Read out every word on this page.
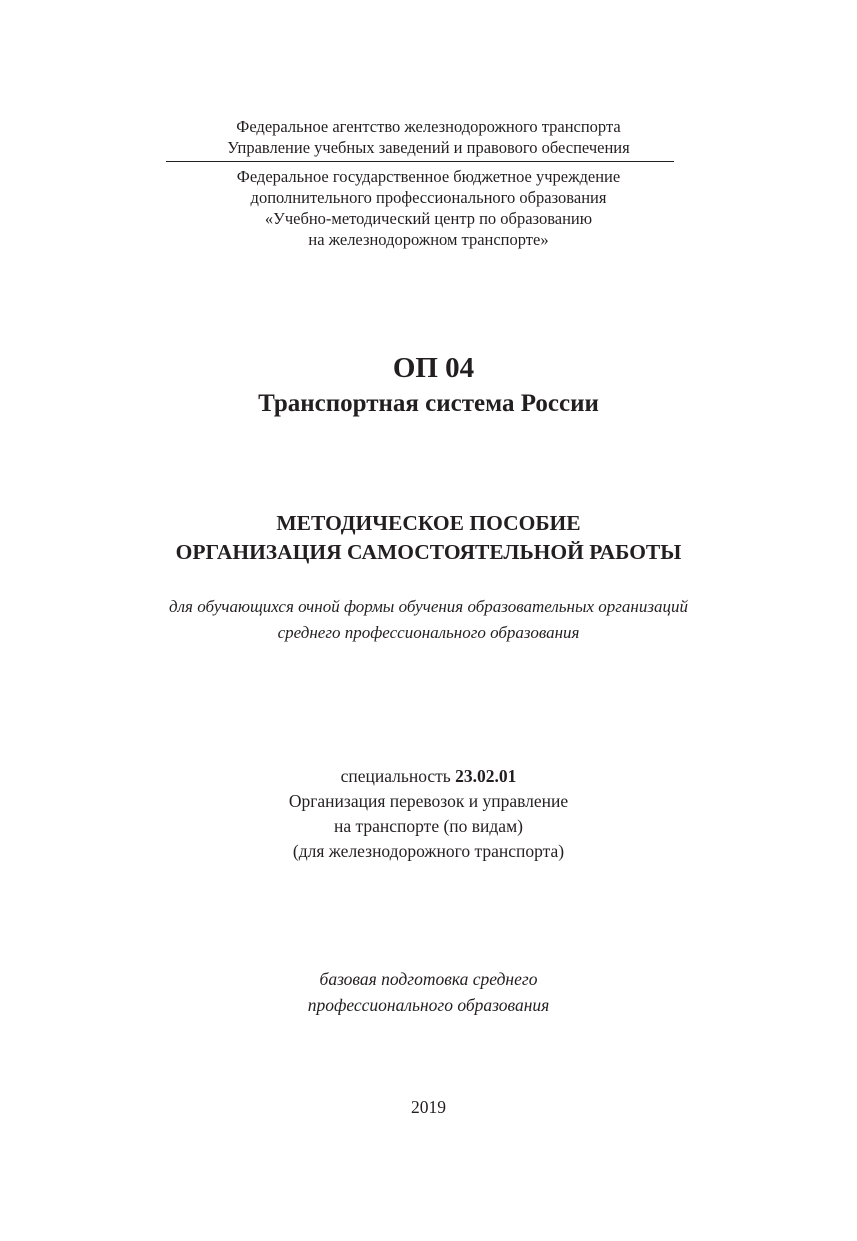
Федеральное агентство железнодорожного транспорта
Управление учебных заведений и правового обеспечения
Федеральное государственное бюджетное учреждение
дополнительного профессионального образования
«Учебно-методический центр по образованию
на железнодорожном транспорте»
ОП 04
Транспортная система России
МЕТОДИЧЕСКОЕ ПОСОБИЕ
ОРГАНИЗАЦИЯ САМОСТОЯТЕЛЬНОЙ РАБОТЫ
для обучающихся очной формы обучения образовательных организаций
среднего профессионального образования
специальность 23.02.01
Организация перевозок и управление
на транспорте (по видам)
(для железнодорожного транспорта)
базовая подготовка среднего
профессионального образования
2019
